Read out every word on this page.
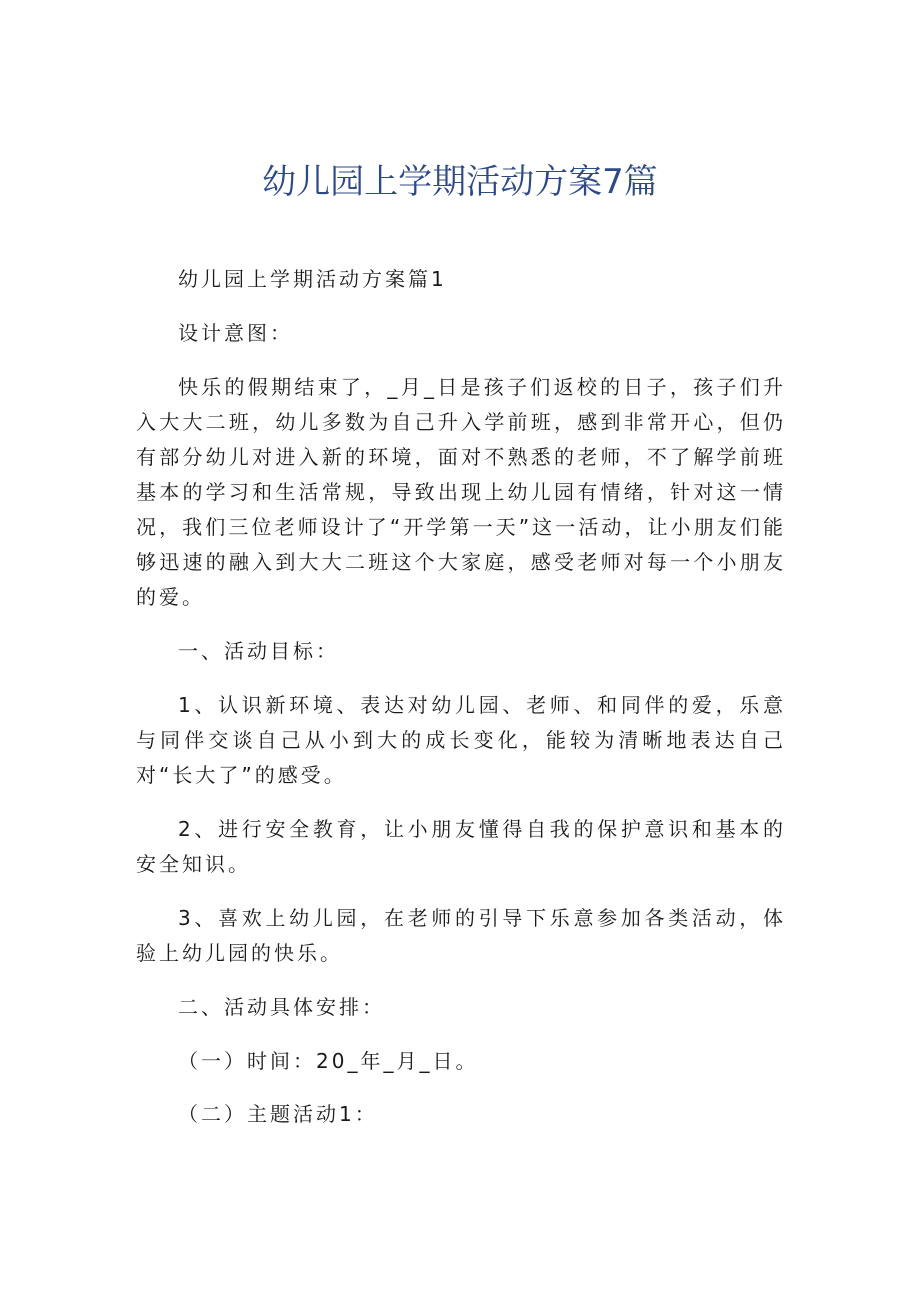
幼儿园上学期活动方案7篇

幼儿园上学期活动方案篇1

设计意图：

快乐的假期结束了，_月_日是孩子们返校的日子，孩子们升入大大二班，幼儿多数为自己升入学前班，感到非常开心，但仍有部分幼儿对进入新的环境，面对不熟悉的老师，不了解学前班基本的学习和生活常规，导致出现上幼儿园有情绪，针对这一情况，我们三位老师设计了“开学第一天”这一活动，让小朋友们能够迅速的融入到大大二班这个大家庭，感受老师对每一个小朋友的爱。

一、活动目标：

1、认识新环境、表达对幼儿园、老师、和同伴的爱，乐意与同伴交谈自己从小到大的成长变化，能较为清晰地表达自己对“长大了”的感受。

2、进行安全教育，让小朋友懂得自我的保护意识和基本的安全知识。

3、喜欢上幼儿园，在老师的引导下乐意参加各类活动，体验上幼儿园的快乐。

二、活动具体安排：

（一）时间：20_年_月_日。

（二）主题活动1：
